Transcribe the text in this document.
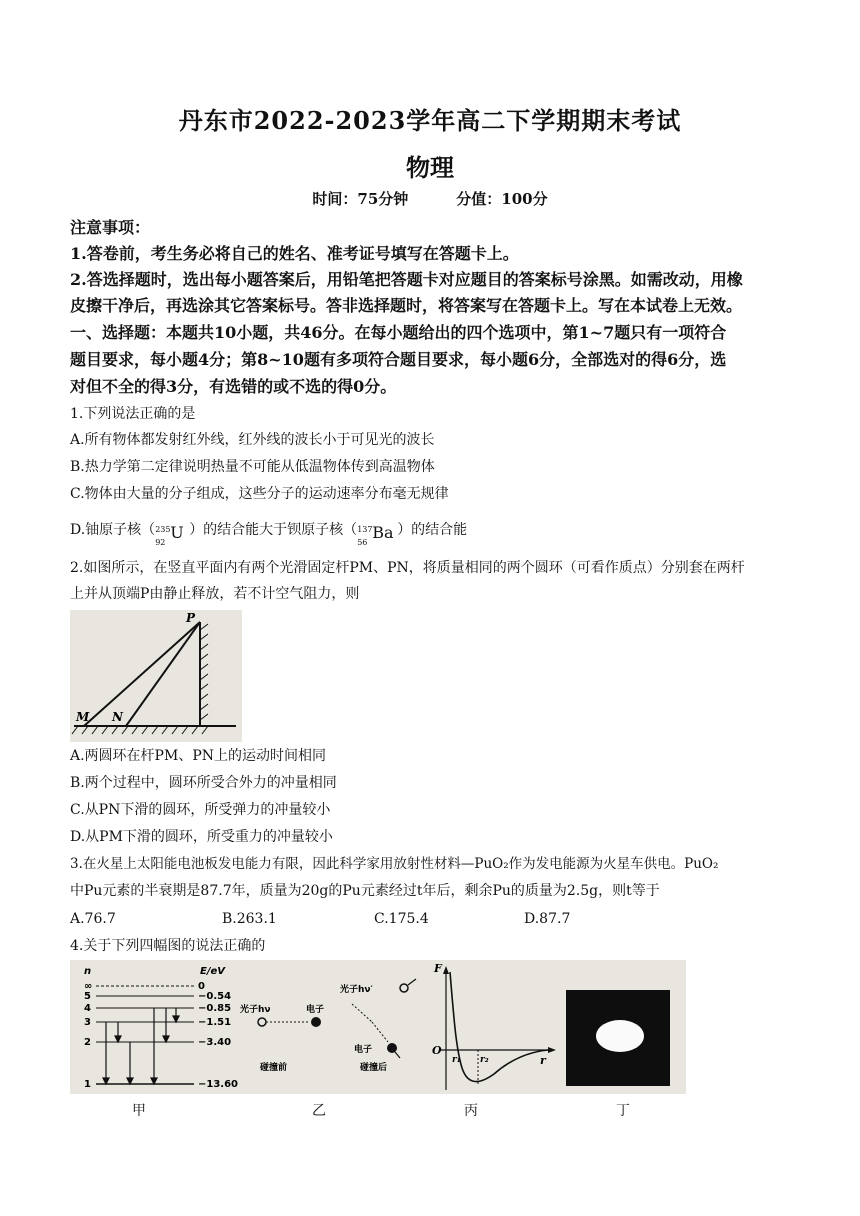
丹东市2022-2023学年高二下学期期末考试
物理
时间：75分钟	分值：100分
注意事项：
1.答卷前，考生务必将自己的姓名、准考证号填写在答题卡上。
2.答选择题时，选出每小题答案后，用铅笔把答题卡对应题目的答案标号涂黑。如需改动，用橡
皮擦干净后，再选涂其它答案标号。答非选择题时，将答案写在答题卡上。写在本试卷上无效。
一、选择题：本题共10小题，共46分。在每小题给出的四个选项中，第1~7题只有一项符合
题目要求，每小题4分；第8~10题有多项符合题目要求，每小题6分，全部选对的得6分，选
对但不全的得3分，有选错的或不选的得0分。
1.下列说法正确的是
A.所有物体都发射红外线，红外线的波长小于可见光的波长
B.热力学第二定律说明热量不可能从低温物体传到高温物体
C.物体由大量的分子组成，这些分子的运动速率分布毫无规律
D.铀原子核（ 235
92
U ）的结合能大于钡原子核（ 137
56
Ba ）的结合能
2.如图所示，在竖直平面内有两个光滑固定杆PM、PN，将质量相同的两个圆环（可看作质点）分别套在两杆
上并从顶端P由静止释放，若不计空气阻力，则
P
M N
A.两圆环在杆PM、PN上的运动时间相同
B.两个过程中，圆环所受合外力的冲量相同
C.从PN下滑的圆环，所受弹力的冲量较小
D.从PM下滑的圆环，所受重力的冲量较小
3.在火星上太阳能电池板发电能力有限，因此科学家用放射性材料—PuO₂作为发电能源为火星车供电。PuO₂
中Pu元素的半衰期是87.7年，质量为20g的Pu元素经过t年后，剩余Pu的质量为2.5g，则t等于
A.76.7	B.263.1	C.175.4	D.87.7
4.关于下列四幅图的说法正确的
n	E/eV
∞	0
5	−0.54
4	−0.85
3	−1.51
2	−3.40
1	−13.60
光子hν	电子
碰撞前
光子hν′
电子
碰撞后
F
O
r
r₁ r₂
甲	乙	丙	丁
